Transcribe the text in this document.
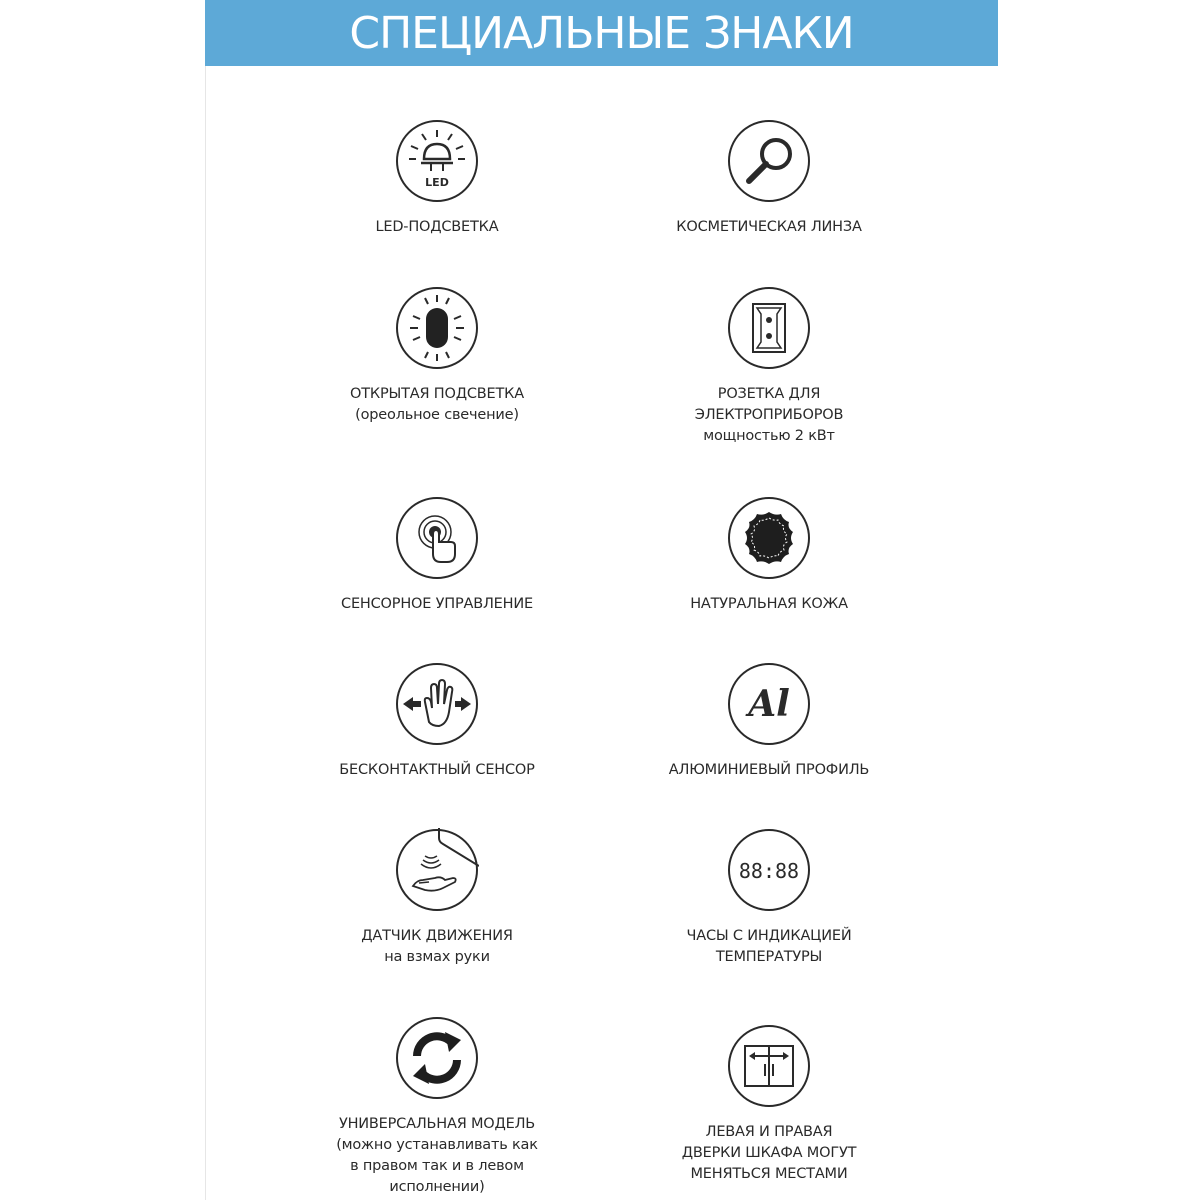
СПЕЦИАЛЬНЫЕ ЗНАКИ
LED
LED-ПОДСВЕТКА	КОСМЕТИЧЕСКАЯ ЛИНЗА
ОТКРЫТАЯ ПОДСВЕТКА
(ореольное свечение)
РОЗЕТКА ДЛЯ
ЭЛЕКТРОПРИБОРОВ
мощностью 2 кВт
СЕНСОРНОЕ УПРАВЛЕНИЕ	НАТУРАЛЬНАЯ КОЖА
БЕСКОНТАКТНЫЙ СЕНСОР
Al
АЛЮМИНИЕВЫЙ ПРОФИЛЬ
ДАТЧИК ДВИЖЕНИЯ
на взмах руки
88:88
ЧАСЫ С ИНДИКАЦИЕЙ
ТЕМПЕРАТУРЫ
УНИВЕРСАЛЬНАЯ МОДЕЛЬ
(можно устанавливать как
в правом так и в левом
исполнении)
ЛЕВАЯ И ПРАВАЯ
ДВЕРКИ ШКАФА МОГУТ
МЕНЯТЬСЯ МЕСТАМИ
